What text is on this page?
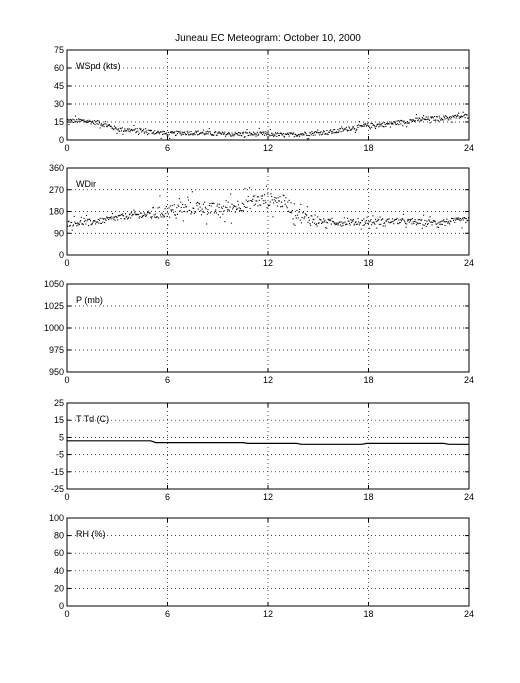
Juneau EC Meteogram: October 10, 2000
0	6	12	18	24
0
15
30
45
60
75
WSpd (kts)
0	6	12	18	24
0
90
180
270
360
WDir
0	6	12	18	24
950
975
1000
1025
1050
P (mb)
0	6	12	18	24
-25
-15
-5
5
15
25
T Td (C)
0	6	12	18	24
0
20
40
60
80
100
RH (%)
